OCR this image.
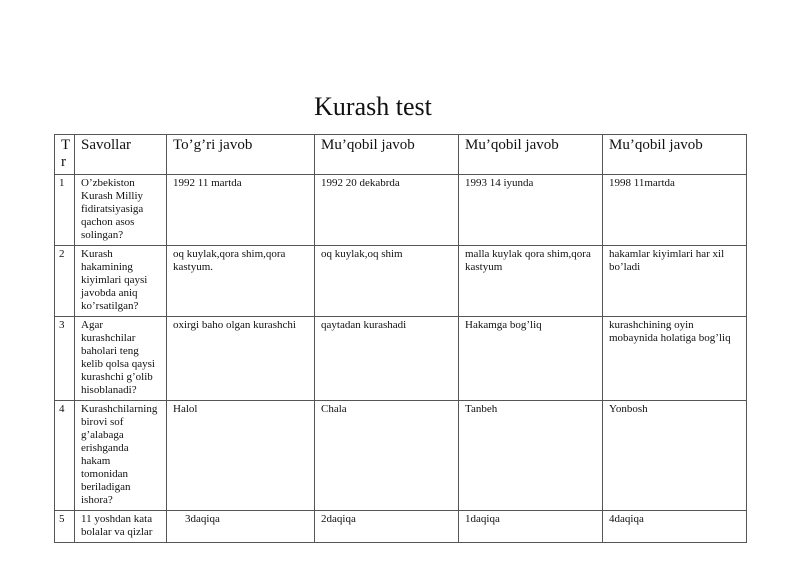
Kurash test
T r	Savollar	To’g’ri javob	Mu’qobil javob	Mu’qobil javob	Mu’qobil javob
1	O’zbekiston Kurash Milliy fidiratsiyasiga qachon asos solingan?	1992 11 martda	1992 20 dekabrda	1993 14 iyunda	1998 11martda
2	Kurash hakamining kiyimlari qaysi javobda aniq ko’rsatilgan?	oq kuylak,qora shim,qora kastyum.	oq kuylak,oq shim	malla kuylak qora shim,qora kastyum	hakamlar kiyimlari har xil bo’ladi
3	Agar kurashchilar baholari teng kelib qolsa qaysi kurashchi g’olib hisoblanadi?	oxirgi baho olgan kurashchi	qaytadan kurashadi	Hakamga bog’liq	kurashchining oyin mobaynida holatiga bog’liq
4	Kurashchilarning birovi sof g’alabaga erishganda hakam tomonidan beriladigan ishora?	Halol	Chala	Tanbeh	Yonbosh
5	11 yoshdan kata bolalar va qizlar	3daqiqa	2daqiqa	1daqiqa	4daqiqa
